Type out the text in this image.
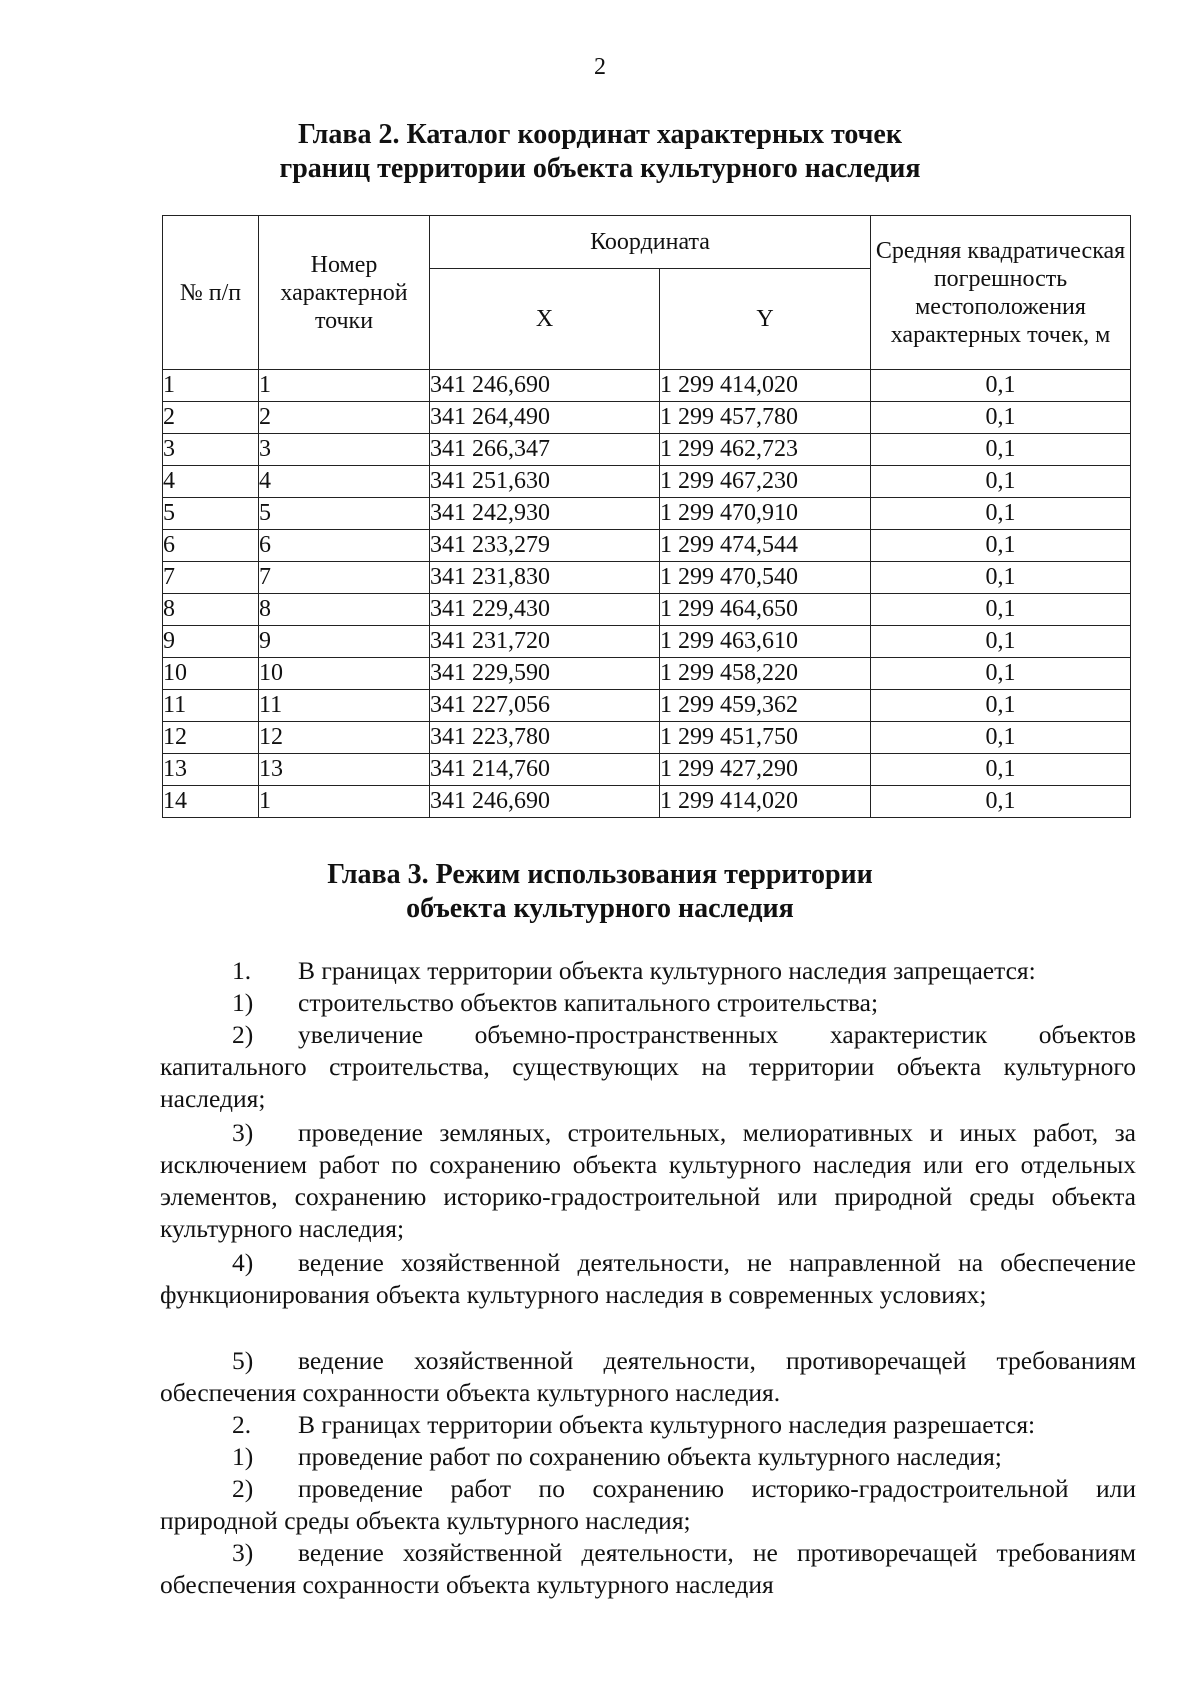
2
Глава 2. Каталог координат характерных точек
границ территории объекта культурного наследия
№ п/п	Номер характерной точки	Координата		Средняя квадратическая погрешность местоположения характерных точек, м
		X	Y	
1	1	341 246,690	1 299 414,020	0,1
2	2	341 264,490	1 299 457,780	0,1
3	3	341 266,347	1 299 462,723	0,1
4	4	341 251,630	1 299 467,230	0,1
5	5	341 242,930	1 299 470,910	0,1
6	6	341 233,279	1 299 474,544	0,1
7	7	341 231,830	1 299 470,540	0,1
8	8	341 229,430	1 299 464,650	0,1
9	9	341 231,720	1 299 463,610	0,1
10	10	341 229,590	1 299 458,220	0,1
11	11	341 227,056	1 299 459,362	0,1
12	12	341 223,780	1 299 451,750	0,1
13	13	341 214,760	1 299 427,290	0,1
14	1	341 246,690	1 299 414,020	0,1
Глава 3. Режим использования территории
объекта культурного наследия
1. В границах территории объекта культурного наследия запрещается:
1) строительство объектов капитального строительства;
2) увеличение объемно-пространственных характеристик объектов капитального строительства, существующих на территории объекта культурного наследия;
3) проведение земляных, строительных, мелиоративных и иных работ, за исключением работ по сохранению объекта культурного наследия или его отдельных элементов, сохранению историко-градостроительной или природной среды объекта культурного наследия;
4) ведение хозяйственной деятельности, не направленной на обеспечение функционирования объекта культурного наследия в современных условиях;
5) ведение хозяйственной деятельности, противоречащей требованиям обеспечения сохранности объекта культурного наследия.
2. В границах территории объекта культурного наследия разрешается:
1) проведение работ по сохранению объекта культурного наследия;
2) проведение работ по сохранению историко-градостроительной или природной среды объекта культурного наследия;
3) ведение хозяйственной деятельности, не противоречащей требованиям обеспечения сохранности объекта культурного наследия
